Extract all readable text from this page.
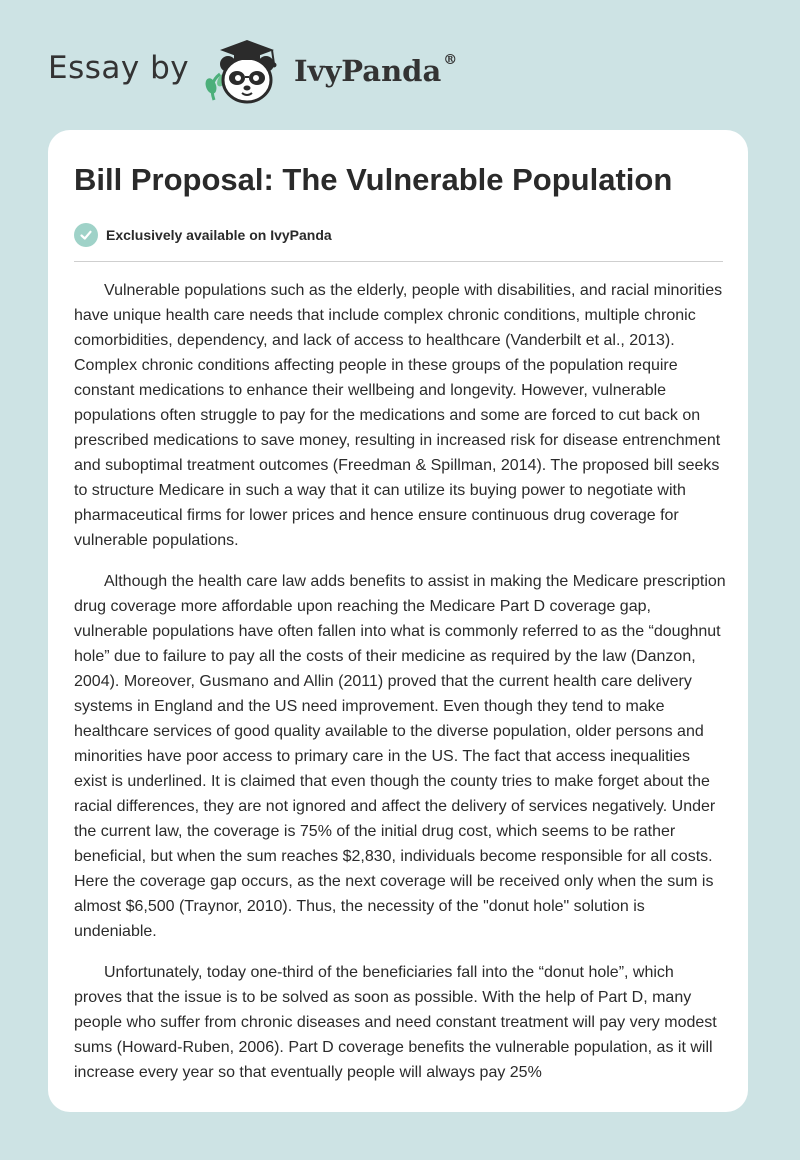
Essay by	IvyPanda ®
Bill Proposal: The Vulnerable Population
Exclusively available on IvyPanda

Vulnerable populations such as the elderly, people with disabilities, and racial minorities have unique health care needs that include complex chronic conditions, multiple chronic comorbidities, dependency, and lack of access to healthcare (Vanderbilt et al., 2013). Complex chronic conditions affecting people in these groups of the population require constant medications to enhance their wellbeing and longevity. However, vulnerable populations often struggle to pay for the medications and some are forced to cut back on prescribed medications to save money, resulting in increased risk for disease entrenchment and suboptimal treatment outcomes (Freedman & Spillman, 2014). The proposed bill seeks to structure Medicare in such a way that it can utilize its buying power to negotiate with pharmaceutical firms for lower prices and hence ensure continuous drug coverage for vulnerable populations.

Although the health care law adds benefits to assist in making the Medicare prescription drug coverage more affordable upon reaching the Medicare Part D coverage gap, vulnerable populations have often fallen into what is commonly referred to as the “doughnut hole” due to failure to pay all the costs of their medicine as required by the law (Danzon, 2004). Moreover, Gusmano and Allin (2011) proved that the current health care delivery systems in England and the US need improvement. Even though they tend to make healthcare services of good quality available to the diverse population, older persons and minorities have poor access to primary care in the US. The fact that access inequalities exist is underlined. It is claimed that even though the county tries to make forget about the racial differences, they are not ignored and affect the delivery of services negatively. Under the current law, the coverage is 75% of the initial drug cost, which seems to be rather beneficial, but when the sum reaches $2,830, individuals become responsible for all costs. Here the coverage gap occurs, as the next coverage will be received only when the sum is almost $6,500 (Traynor, 2010). Thus, the necessity of the "donut hole" solution is undeniable.

Unfortunately, today one-third of the beneficiaries fall into the “donut hole”, which proves that the issue is to be solved as soon as possible. With the help of Part D, many people who suffer from chronic diseases and need constant treatment will pay very modest sums (Howard-Ruben, 2006). Part D coverage benefits the vulnerable population, as it will increase every year so that eventually people will always pay 25%
